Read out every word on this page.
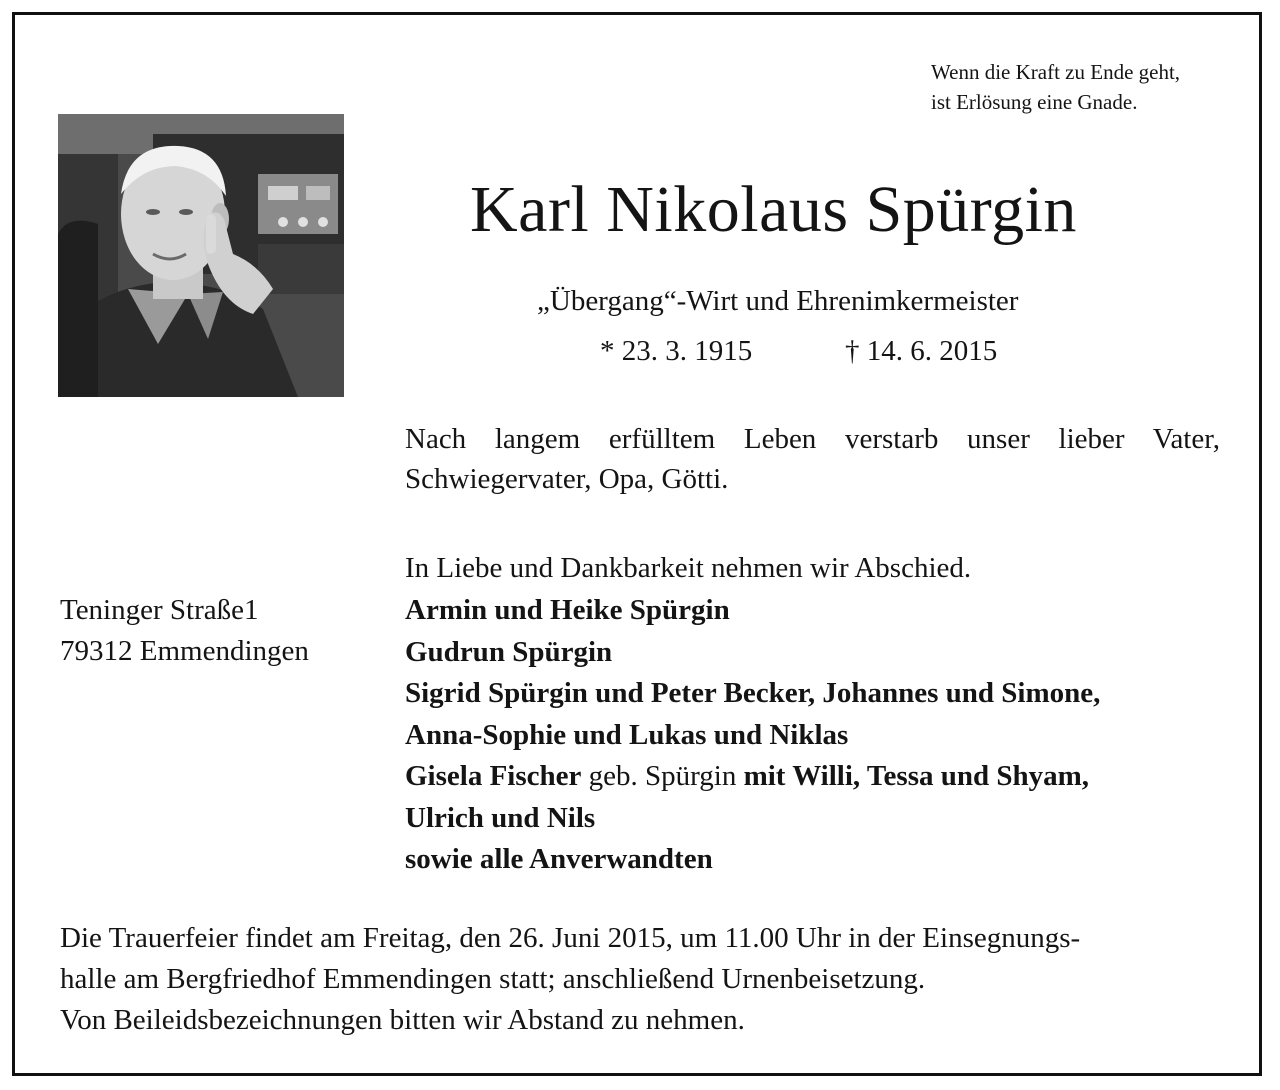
Wenn die Kraft zu Ende geht,
ist Erlösung eine Gnade.
Karl Nikolaus Spürgin
„Übergang“-Wirt und Ehrenimkermeister
* 23. 3. 1915	† 14. 6. 2015
Nach langem erfülltem Leben verstarb unser lieber Vater,
Schwiegervater, Opa, Götti.
In Liebe und Dankbarkeit nehmen wir Abschied.
Teninger Straße1
79312 Emmendingen
Armin und Heike Spürgin
Gudrun Spürgin
Sigrid Spürgin und Peter Becker, Johannes und Simone,
Anna-Sophie und Lukas und Niklas
Gisela Fischer geb. Spürgin mit Willi, Tessa und Shyam,
Ulrich und Nils
sowie alle Anverwandten
Die Trauerfeier findet am Freitag, den 26. Juni 2015, um 11.00 Uhr in der Einsegnungs-
halle am Bergfriedhof Emmendingen statt; anschließend Urnenbeisetzung.
Von Beileidsbezeichnungen bitten wir Abstand zu nehmen.
